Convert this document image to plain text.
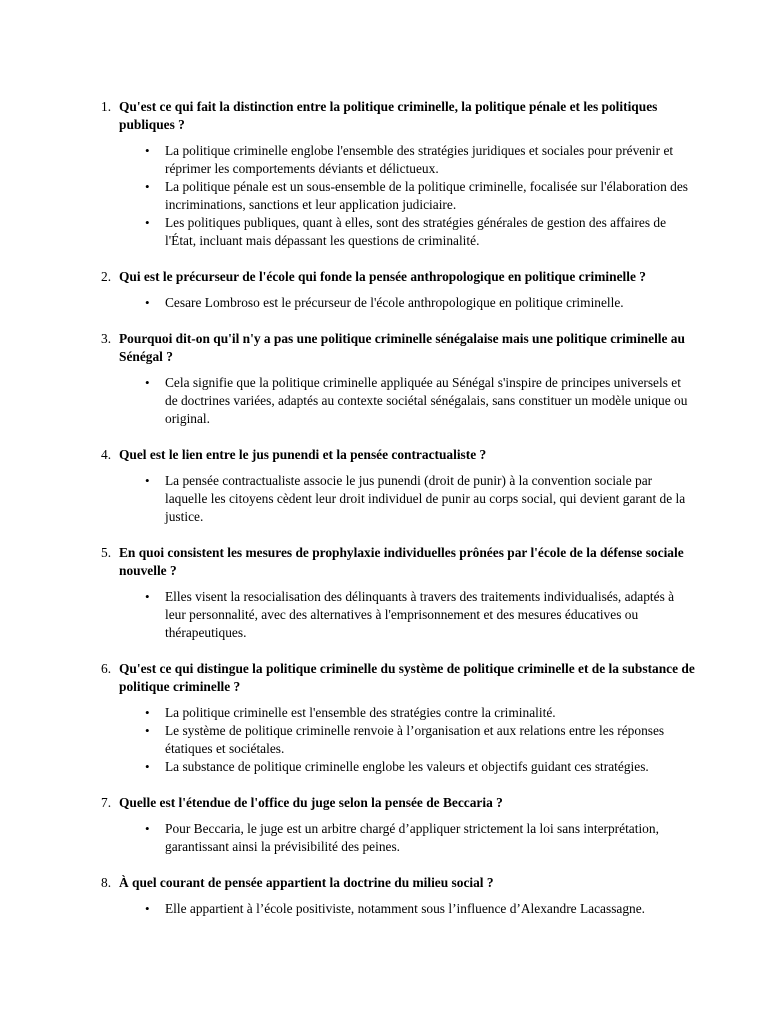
1. Qu'est ce qui fait la distinction entre la politique criminelle, la politique pénale et les politiques publiques ?

• La politique criminelle englobe l'ensemble des stratégies juridiques et sociales pour prévenir et réprimer les comportements déviants et délictueux.

• La politique pénale est un sous-ensemble de la politique criminelle, focalisée sur l'élaboration des incriminations, sanctions et leur application judiciaire.

• Les politiques publiques, quant à elles, sont des stratégies générales de gestion des affaires de l'État, incluant mais dépassant les questions de criminalité.

2. Qui est le précurseur de l'école qui fonde la pensée anthropologique en politique criminelle ?

• Cesare Lombroso est le précurseur de l'école anthropologique en politique criminelle.

3. Pourquoi dit-on qu'il n'y a pas une politique criminelle sénégalaise mais une politique criminelle au Sénégal ?

• Cela signifie que la politique criminelle appliquée au Sénégal s'inspire de principes universels et de doctrines variées, adaptés au contexte sociétal sénégalais, sans constituer un modèle unique ou original.

4. Quel est le lien entre le jus punendi et la pensée contractualiste ?

• La pensée contractualiste associe le jus punendi (droit de punir) à la convention sociale par laquelle les citoyens cèdent leur droit individuel de punir au corps social, qui devient garant de la justice.

5. En quoi consistent les mesures de prophylaxie individuelles prônées par l'école de la défense sociale nouvelle ?

• Elles visent la resocialisation des délinquants à travers des traitements individualisés, adaptés à leur personnalité, avec des alternatives à l'emprisonnement et des mesures éducatives ou thérapeutiques.

6. Qu'est ce qui distingue la politique criminelle du système de politique criminelle et de la substance de politique criminelle ?

• La politique criminelle est l'ensemble des stratégies contre la criminalité.

• Le système de politique criminelle renvoie à l’organisation et aux relations entre les réponses étatiques et sociétales.

• La substance de politique criminelle englobe les valeurs et objectifs guidant ces stratégies.

7. Quelle est l'étendue de l'office du juge selon la pensée de Beccaria ?

• Pour Beccaria, le juge est un arbitre chargé d’appliquer strictement la loi sans interprétation, garantissant ainsi la prévisibilité des peines.

8. À quel courant de pensée appartient la doctrine du milieu social ?

• Elle appartient à l’école positiviste, notamment sous l’influence d’Alexandre Lacassagne.
